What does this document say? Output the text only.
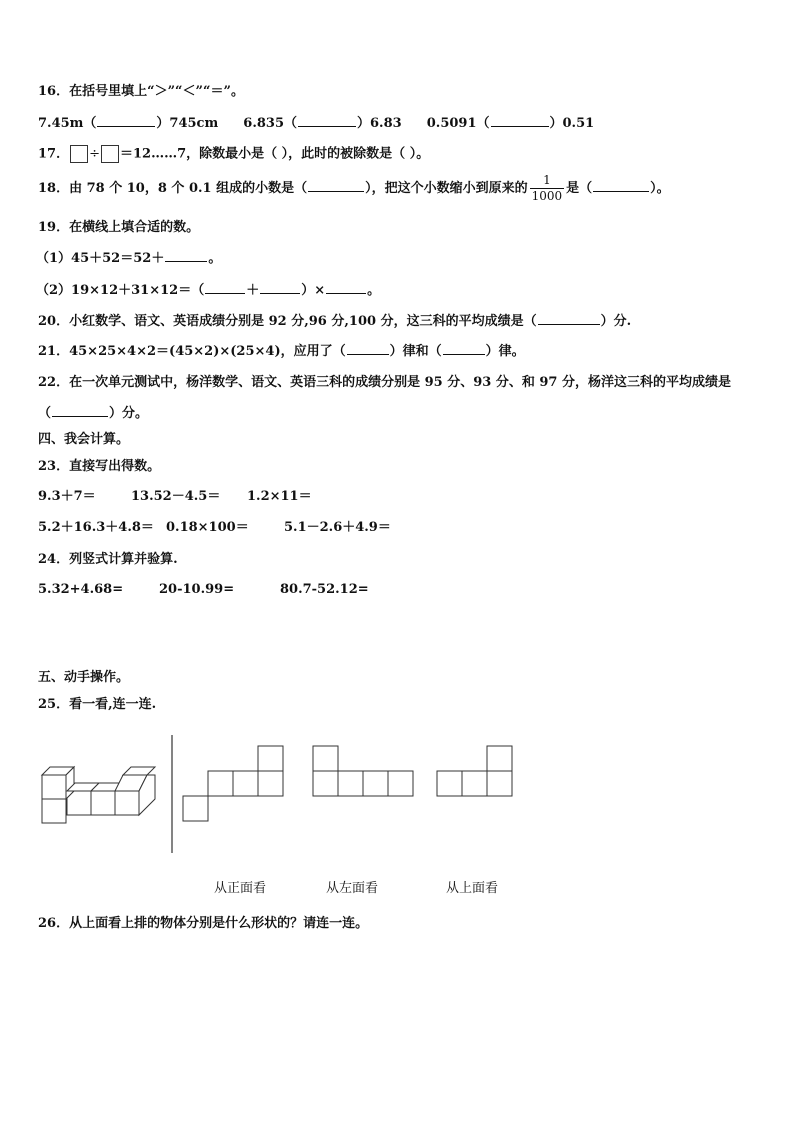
16．在括号里填上“＞”“＜”“＝”。
7.45m（	）745cm 6.835（	）6.83 0.5091（	）0.51
17． ÷ ＝12……7，除数最小是（ ），此时的被除数是（ ）。
18．由 78 个 10，8 个 0.1 组成的小数是（	），把这个小数缩小到原来的 $\frac{1}{1000}$ 是（	）。
19．在横线上填合适的数。
（1）45＋52＝52＋	。
（2）19×12＋31×12＝（	＋	）×	。
20．小红数学、语文、英语成绩分别是 92 分,96 分,100 分，这三科的平均成绩是（	）分.
21．45×25×4×2＝(45×2)×(25×4)，应用了（	）律和（	）律。
22．在一次单元测试中，杨洋数学、语文、英语三科的成绩分别是 95 分、93 分、和 97 分，杨洋这三科的平均成绩是
（	）分。
四、我会计算。
23．直接写出得数。
9.3＋7＝	13.52－4.5＝ 1.2×11＝
5.2＋16.3＋4.8＝ 0.18×100＝	5.1－2.6＋4.9＝
24．列竖式计算并验算.
5.32+4.68=	20-10.99=	80.7-52.12=
五、动手操作。
25．看一看,连一连.
从正面看	从左面看	从上面看
26．从上面看上排的物体分别是什么形状的？请连一连。
